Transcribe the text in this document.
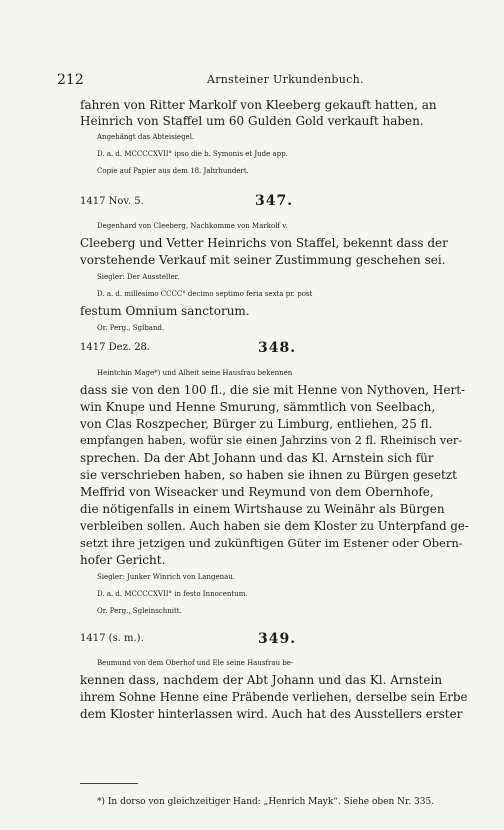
212	Arnsteiner Urkundenbuch.
fahren von Ritter Markolf von Kleeberg gekauft hatten, an
Heinrich von Staffel um 60 Gulden Gold verkauft haben.
Angehängt das Abteisiegel.
D. a. d. MCCCCXVII° ipso die b. Symonis et Jude app.
Copie auf Papier aus dem 18. Jahrhundert.
1417 Nov. 5.	347.
Degenhard von Cleeberg, Nachkomme von Markolf v.
Cleeberg und Vetter Heinrichs von Staffel, bekennt dass der
vorstehende Verkauf mit seiner Zustimmung geschehen sei.
Siegler: Der Aussteller.
D. a. d. millesimo CCCC° decimo septimo feria sexta pr. post
festum Omnium sanctorum.
Or. Perg., Sglband.
1417 Dez. 28.	348.
Heintchin Mage*) und Alheit seine Hausfrau bekennen
dass sie von den 100 fl., die sie mit Henne von Nythoven, Hert-
win Knupe und Henne Smurung, sämmtlich von Seelbach,
von Clas Roszpecher, Bürger zu Limburg, entliehen, 25 fl.
empfangen haben, wofür sie einen Jahrzins von 2 fl. Rheinisch ver-
sprechen. Da der Abt Johann und das Kl. Arnstein sich für
sie verschrieben haben, so haben sie ihnen zu Bürgen gesetzt
Meffrid von Wiseacker und Reymund von dem Obernhofe,
die nötigenfalls in einem Wirtshause zu Weinähr als Bürgen
verbleiben sollen. Auch haben sie dem Kloster zu Unterpfand ge-
setzt ihre jetzigen und zukünftigen Güter im Estener oder Obern-
hofer Gericht.
Siegler: Junker Winrich von Langenau.
D. a. d. MCCCCXVII° in festo Innocentum.
Or. Perg., Sgleinschnitt.
1417 (s. m.).	349.
Beumund von dem Oberhof und Ele seine Hausfrau be-
kennen dass, nachdem der Abt Johann und das Kl. Arnstein
ihrem Sohne Henne eine Präbende verliehen, derselbe sein Erbe
dem Kloster hinterlassen wird. Auch hat des Ausstellers erster
*) In dorso von gleichzeitiger Hand: „Henrich Mayk“. Siehe oben Nr. 335.
